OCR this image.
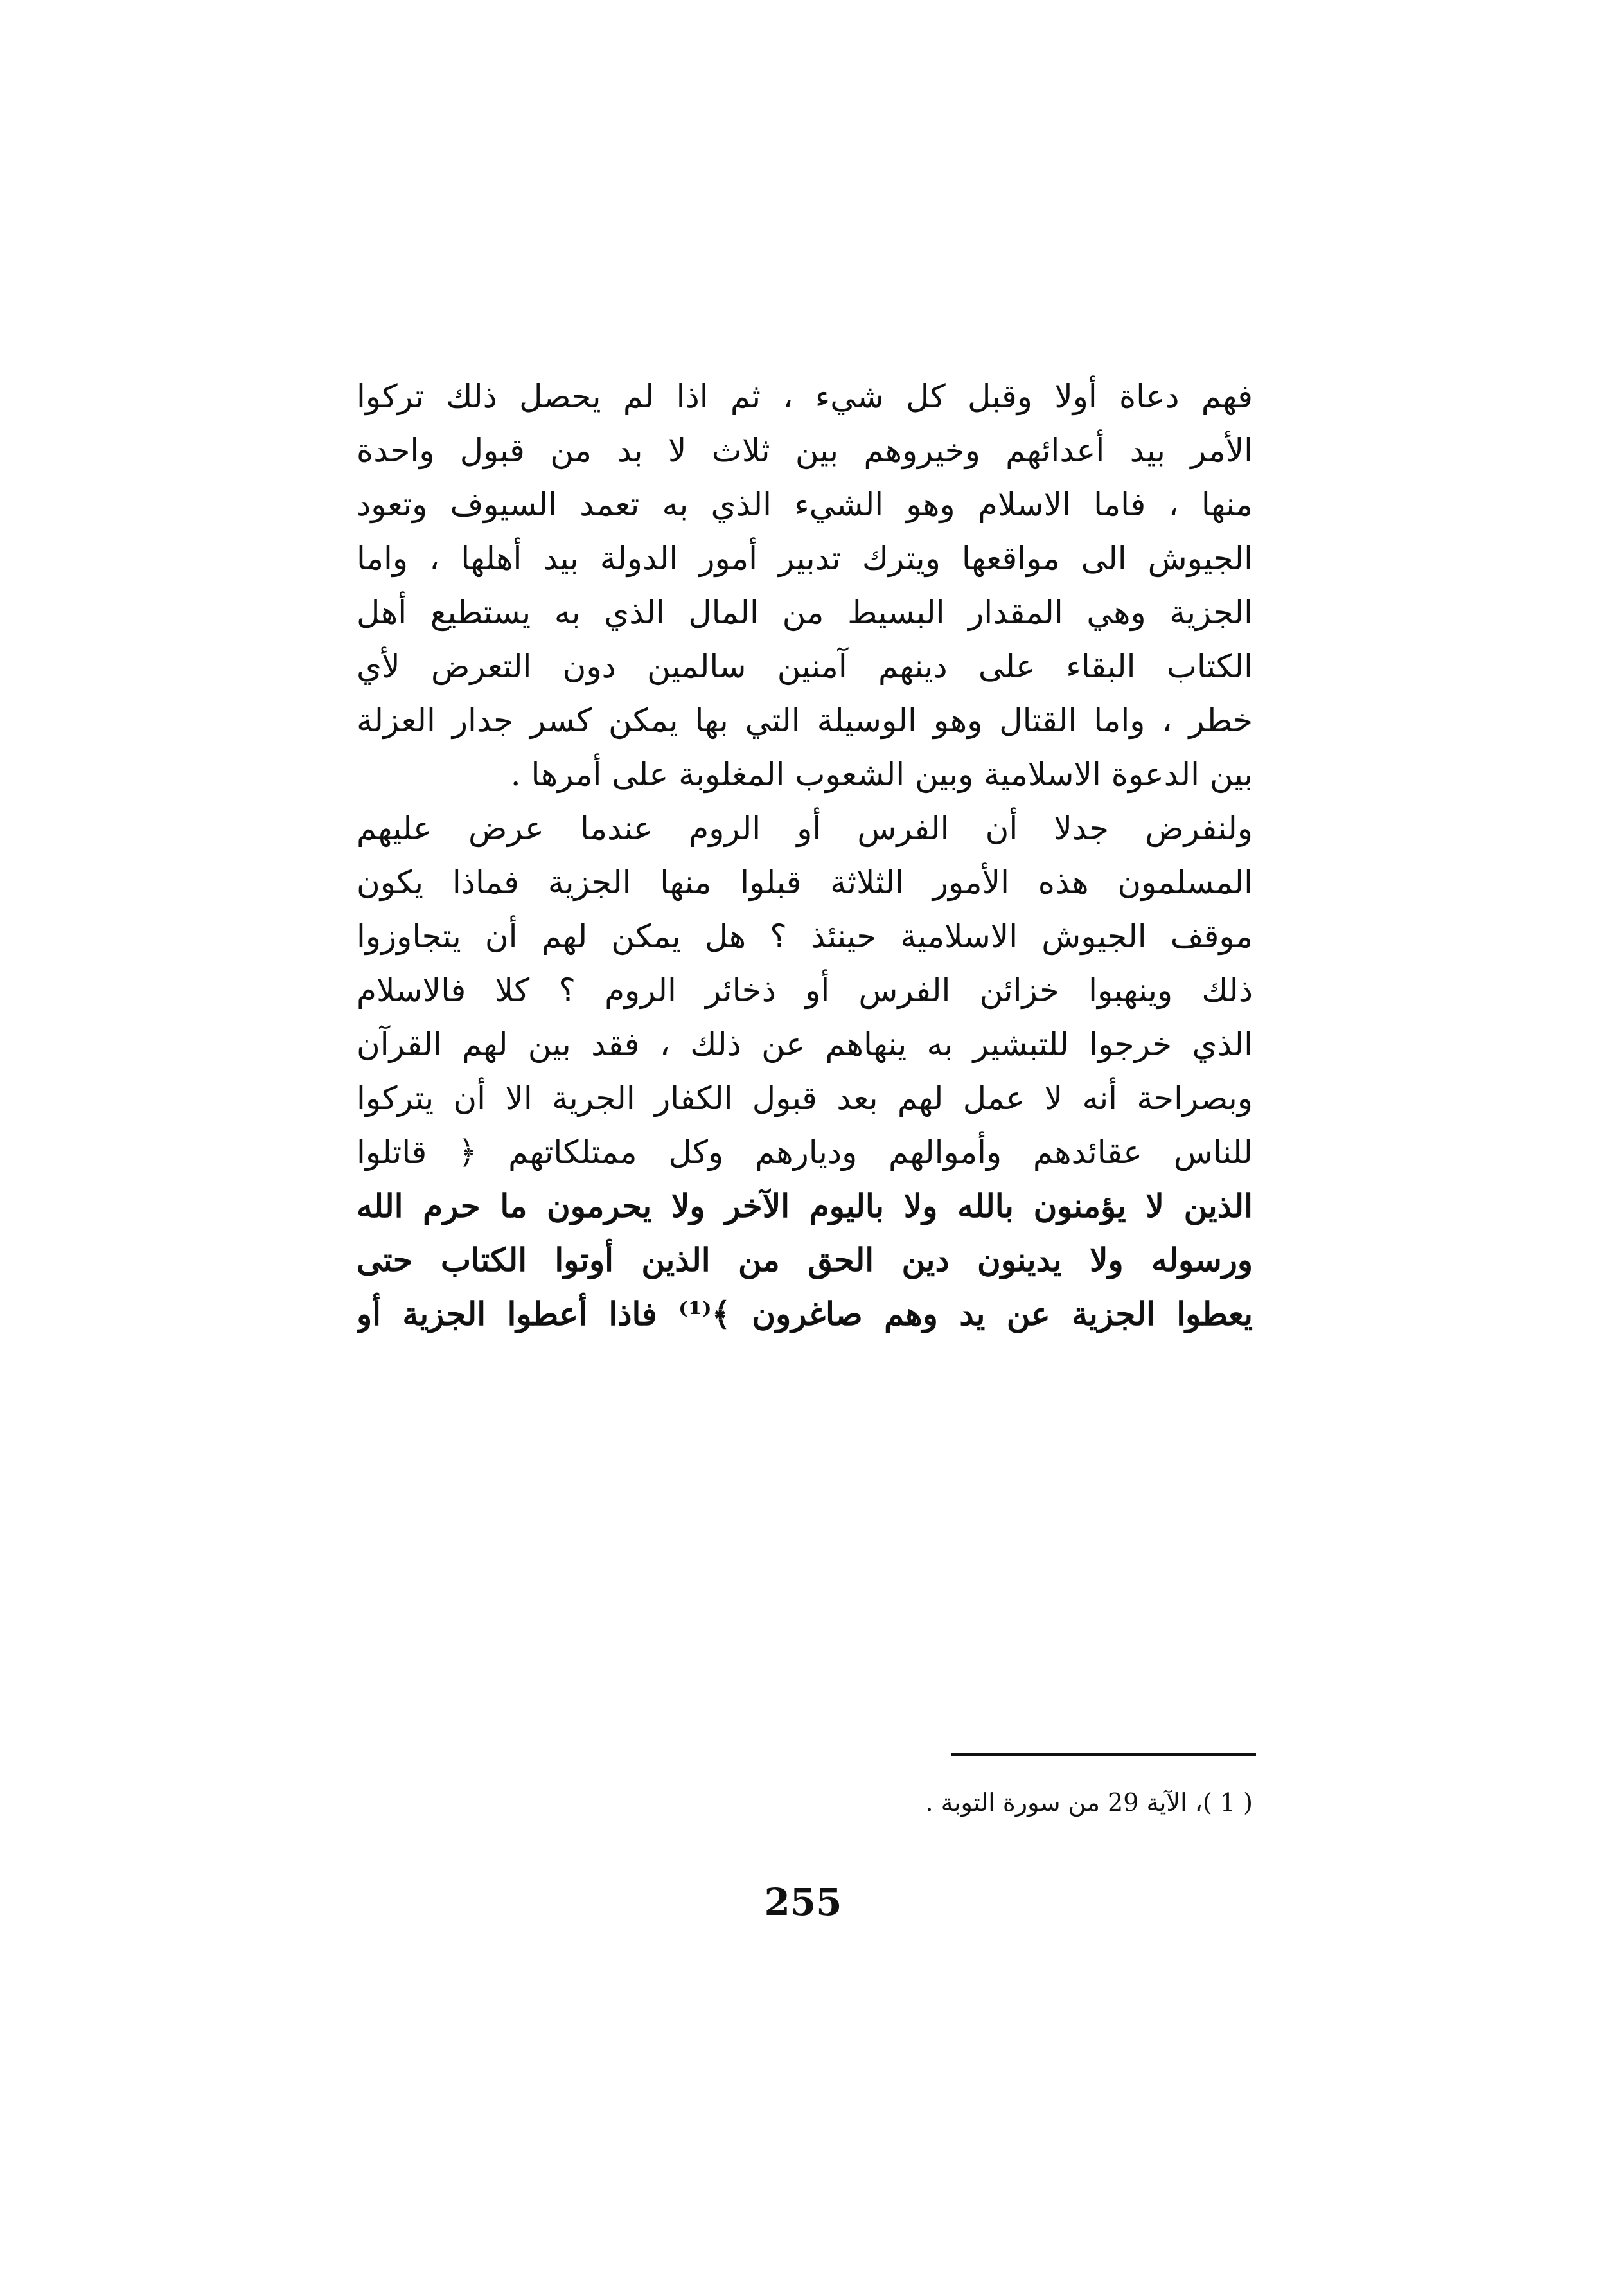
فهم دعاة أولا وقبل كل شيء ، ثم اذا لم يحصل ذلك تركوا
الأمر بيد أعدائهم وخيروهم بين ثلاث لا بد من قبول واحدة
منها ، فاما الاسلام وهو الشيء الذي به تعمد السيوف وتعود
الجيوش الى مواقعها ويترك تدبير أمور الدولة بيد أهلها ، واما
الجزية وهي المقدار البسيط من المال الذي به يستطيع أهل
الكتاب البقاء على دينهم آمنين سالمين دون التعرض لأي
خطر ، واما القتال وهو الوسيلة التي بها يمكن كسر جدار العزلة
بين الدعوة الاسلامية وبين الشعوب المغلوبة على أمرها .
ولنفرض جدلا أن الفرس أو الروم عندما عرض عليهم
المسلمون هذه الأمور الثلاثة قبلوا منها الجزية فماذا يكون
موقف الجيوش الاسلامية حينئذ ؟ هل يمكن لهم أن يتجاوزوا
ذلك وينهبوا خزائن الفرس أو ذخائر الروم ؟ كلا فالاسلام
الذي خرجوا للتبشير به ينهاهم عن ذلك ، فقد بين لهم القرآن
وبصراحة أنه لا عمل لهم بعد قبول الكفار الجرية الا أن يتركوا
للناس عقائدهم وأموالهم وديارهم وكل ممتلكاتهم ﴿ قاتلوا
الذين لا يؤمنون بالله ولا باليوم الآخر ولا يحرمون ما حرم الله
ورسوله ولا يدينون دين الحق من الذين أوتوا الكتاب حتى
يعطوا الجزية عن يد وهم صاغرون ﴾⁽¹⁾ فاذا أعطوا الجزية أو
( 1 )، الآية 29 من سورة التوبة .
255
